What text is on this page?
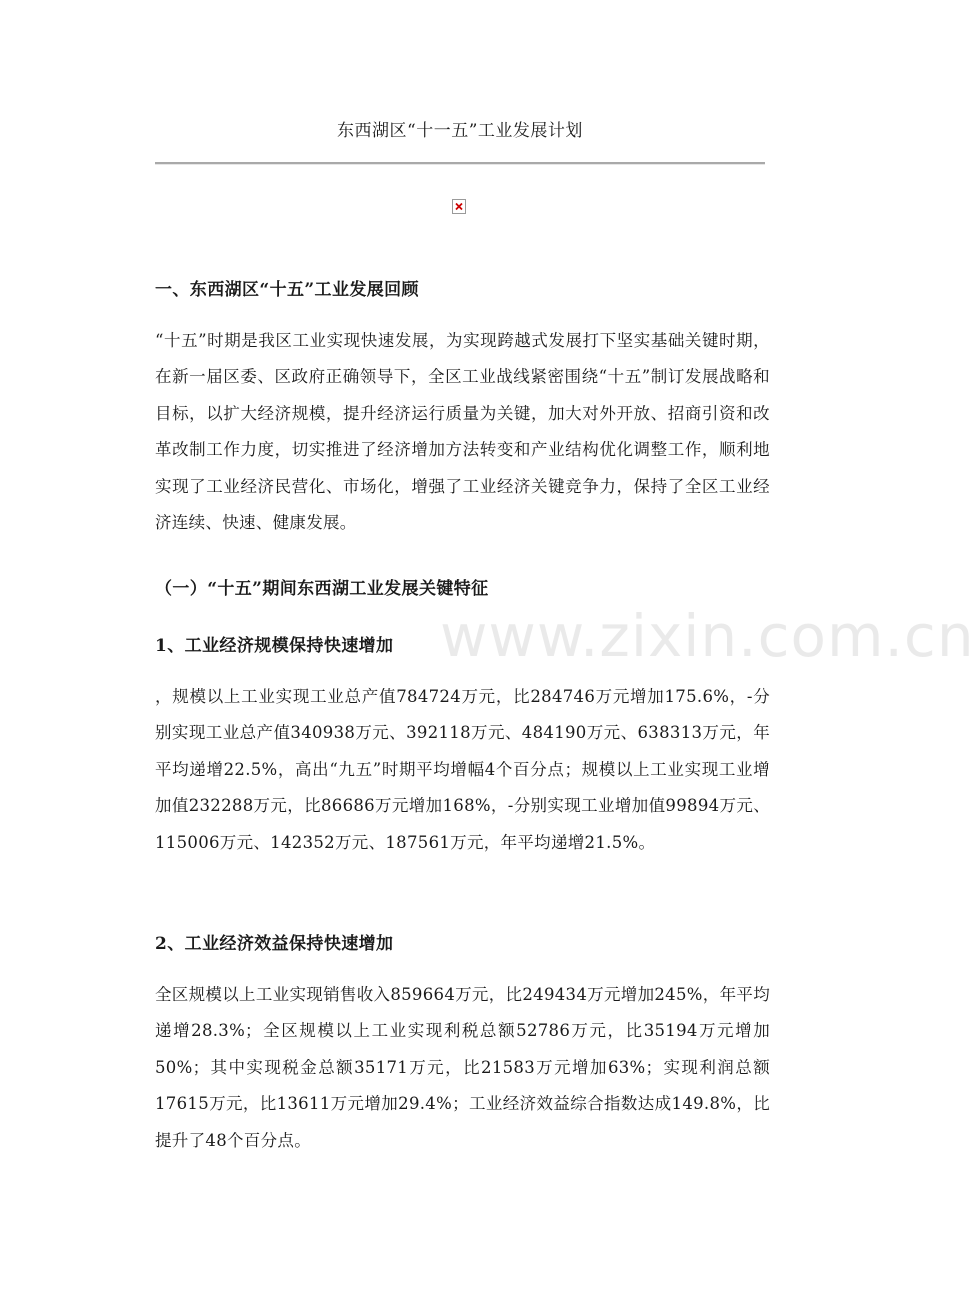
东西湖区“十一五”工业发展计划
一、东西湖区“十五”工业发展回顾

“十五”时期是我区工业实现快速发展，为实现跨越式发展打下坚实基础关键时期，在新一届区委、区政府正确领导下，全区工业战线紧密围绕“十五”制订发展战略和目标，以扩大经济规模，提升经济运行质量为关键，加大对外开放、招商引资和改革改制工作力度，切实推进了经济增加方法转变和产业结构优化调整工作，顺利地实现了工业经济民营化、市场化，增强了工业经济关键竞争力，保持了全区工业经济连续、快速、健康发展。

（一）“十五”期间东西湖工业发展关键特征
www.zixin.com.cn
1、工业经济规模保持快速增加

，规模以上工业实现工业总产值784724万元，比284746万元增加175.6%，-分别实现工业总产值340938万元、392118万元、484190万元、638313万元，年平均递增22.5%，高出“九五”时期平均增幅4个百分点；规模以上工业实现工业增加值232288万元，比86686万元增加168%，-分别实现工业增加值99894万元、115006万元、142352万元、187561万元，年平均递增21.5%。

2、工业经济效益保持快速增加

全区规模以上工业实现销售收入859664万元，比249434万元增加245%，年平均递增28.3%；全区规模以上工业实现利税总额52786万元，比35194万元增加50%；其中实现税金总额35171万元，比21583万元增加63%；实现利润总额17615万元，比13611万元增加29.4%；工业经济效益综合指数达成149.8%，比提升了48个百分点。
